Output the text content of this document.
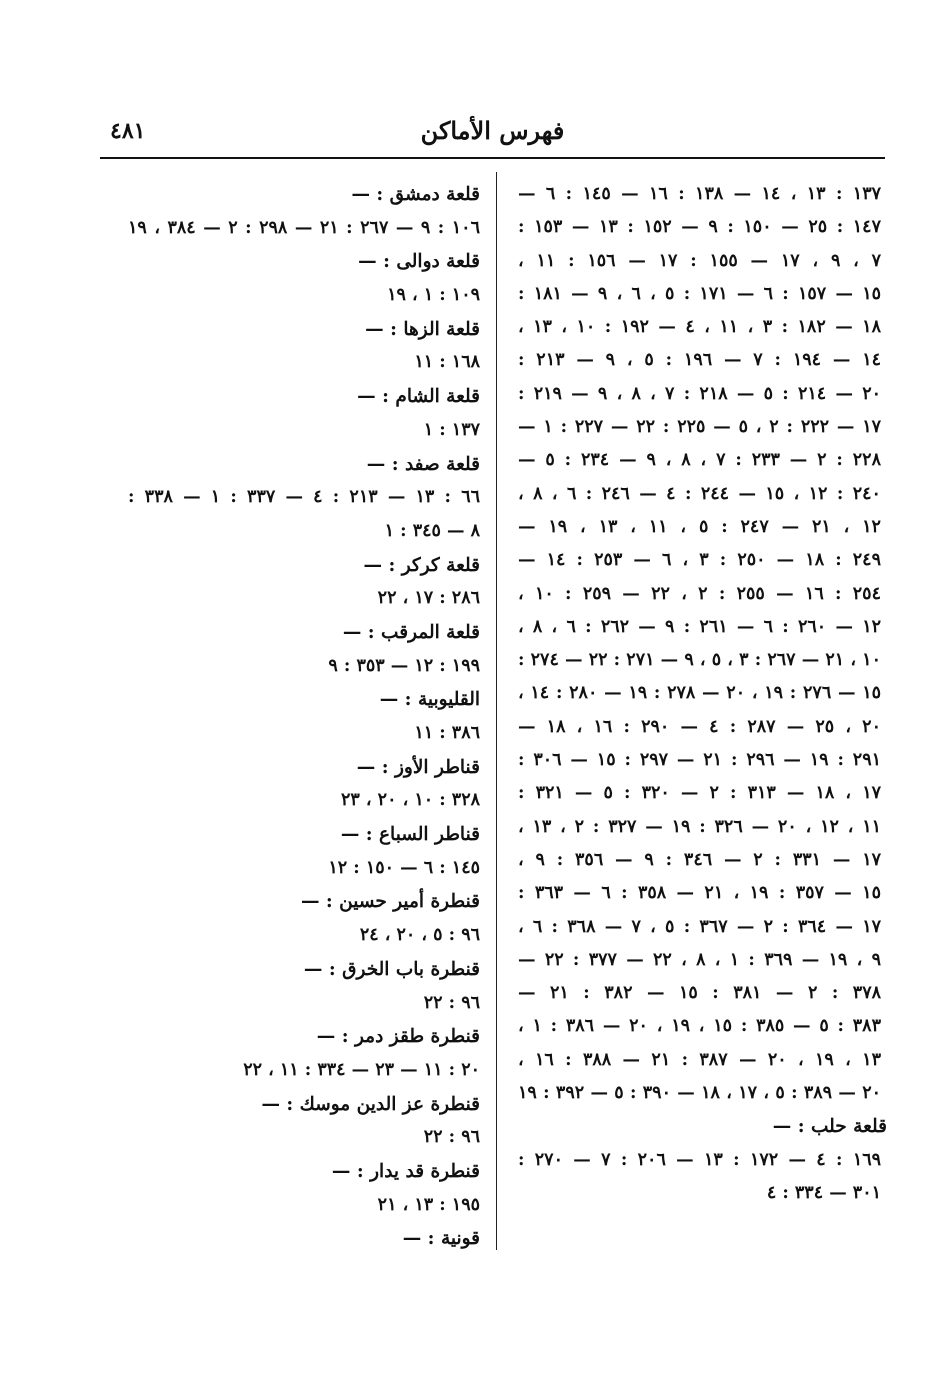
٤٨١	فهرس الأماكن
١٣٧ : ١٣ ، ١٤ — ١٣٨ : ١٦ — ١٤٥ : ٦ —
١٤٧ : ٢٥ — ١٥٠ : ٩ — ١٥٢ : ١٣ — ١٥٣ :
٧ ، ٩ ، ١٧ — ١٥٥ : ١٧ — ١٥٦ : ١١ ،
١٥ — ١٥٧ : ٦ — ١٧١ : ٥ ، ٦ ، ٩ — ١٨١ :
١٨ — ١٨٢ : ٣ ، ١١ ، ٤ — ١٩٢ : ١٠ ، ١٣ ،
١٤ — ١٩٤ : ٧ — ١٩٦ : ٥ ، ٩ — ٢١٣ :
٢٠ — ٢١٤ : ٥ — ٢١٨ : ٧ ، ٨ ، ٩ — ٢١٩ :
١٧ — ٢٢٢ : ٢ ، ٥ — ٢٢٥ : ٢٢ — ٢٢٧ : ١ —
٢٢٨ : ٢ — ٢٣٣ : ٧ ، ٨ ، ٩ — ٢٣٤ : ٥ —
٢٤٠ : ١٢ ، ١٥ — ٢٤٤ : ٤ — ٢٤٦ : ٦ ، ٨ ،
١٢ ، ٢١ — ٢٤٧ : ٥ ، ١١ ، ١٣ ، ١٩ —
٢٤٩ : ١٨ — ٢٥٠ : ٣ ، ٦ — ٢٥٣ : ١٤ —
٢٥٤ : ١٦ — ٢٥٥ : ٢ ، ٢٢ — ٢٥٩ : ١٠ ،
١٢ — ٢٦٠ : ٦ — ٢٦١ : ٩ — ٢٦٢ : ٦ ، ٨ ،
١٠ ، ٢١ — ٢٦٧ : ٣ ، ٥ ، ٩ — ٢٧١ : ٢٢ — ٢٧٤ :
١٥ — ٢٧٦ : ١٩ ، ٢٠ — ٢٧٨ : ١٩ — ٢٨٠ : ١٤ ،
٢٠ ، ٢٥ — ٢٨٧ : ٤ — ٢٩٠ : ١٦ ، ١٨ —
٢٩١ : ١٩ — ٢٩٦ : ٢١ — ٢٩٧ : ١٥ — ٣٠٦ :
١٧ ، ١٨ — ٣١٣ : ٢ — ٣٢٠ : ٥ — ٣٢١ :
١١ ، ١٢ ، ٢٠ — ٣٢٦ : ١٩ — ٣٢٧ : ٢ ، ١٣ ،
١٧ — ٣٣١ : ٢ — ٣٤٦ : ٩ — ٣٥٦ : ٩ ،
١٥ — ٣٥٧ : ١٩ ، ٢١ — ٣٥٨ : ٦ — ٣٦٣ :
١٧ — ٣٦٤ : ٢ — ٣٦٧ : ٥ ، ٧ — ٣٦٨ : ٦ ،
٩ ، ١٩ — ٣٦٩ : ١ ، ٨ ، ٢٢ — ٣٧٧ : ٢٢ —
٣٧٨ : ٢ — ٣٨١ : ١٥ — ٣٨٢ : ٢١ —
٣٨٣ : ٥ — ٣٨٥ : ١٥ ، ١٩ ، ٢٠ — ٣٨٦ : ١ ،
١٣ ، ١٩ ، ٢٠ — ٣٨٧ : ٢١ — ٣٨٨ : ١٦ ،
٢٠ — ٣٨٩ : ٥ ، ١٧ ، ١٨ — ٣٩٠ : ٥ — ٣٩٢ : ١٩
قلعة حلب : —
١٦٩ : ٤ — ١٧٢ : ١٣ — ٢٠٦ : ٧ — ٢٧٠ :
٣٠١ — ٣٣٤ : ٤
قلعة دمشق : —
١٠٦ : ٩ — ٢٦٧ : ٢١ — ٢٩٨ : ٢ — ٣٨٤ ، ١٩
قلعة دوالى : —
١٠٩ : ١ ، ١٩
قلعة الزها : —
١٦٨ : ١١
قلعة الشام : —
١٣٧ : ١
قلعة صفد : —
٦٦ : ١٣ — ٢١٣ : ٤ — ٣٣٧ : ١ — ٣٣٨ :
٨ — ٣٤٥ : ١
قلعة كركر : —
٢٨٦ : ١٧ ، ٢٢
قلعة المرقب : —
١٩٩ : ١٢ — ٣٥٣ : ٩
القليوبية : —
٣٨٦ : ١١
قناطر الأوز : —
٣٢٨ : ١٠ ، ٢٠ ، ٢٣
قناطر السباع : —
١٤٥ : ٦ — ١٥٠ : ١٢
قنطرة أمير حسين : —
٩٦ : ٥ ، ٢٠ ، ٢٤
قنطرة باب الخرق : —
٩٦ : ٢٢
قنطرة طقز دمر : —
٢٠ : ١١ — ٢٣ — ٣٣٤ : ١١ ، ٢٢
قنطرة عز الدين موسك : —
٩٦ : ٢٢
قنطرة قد يدار : —
١٩٥ : ١٣ ، ٢١
قونية : —
